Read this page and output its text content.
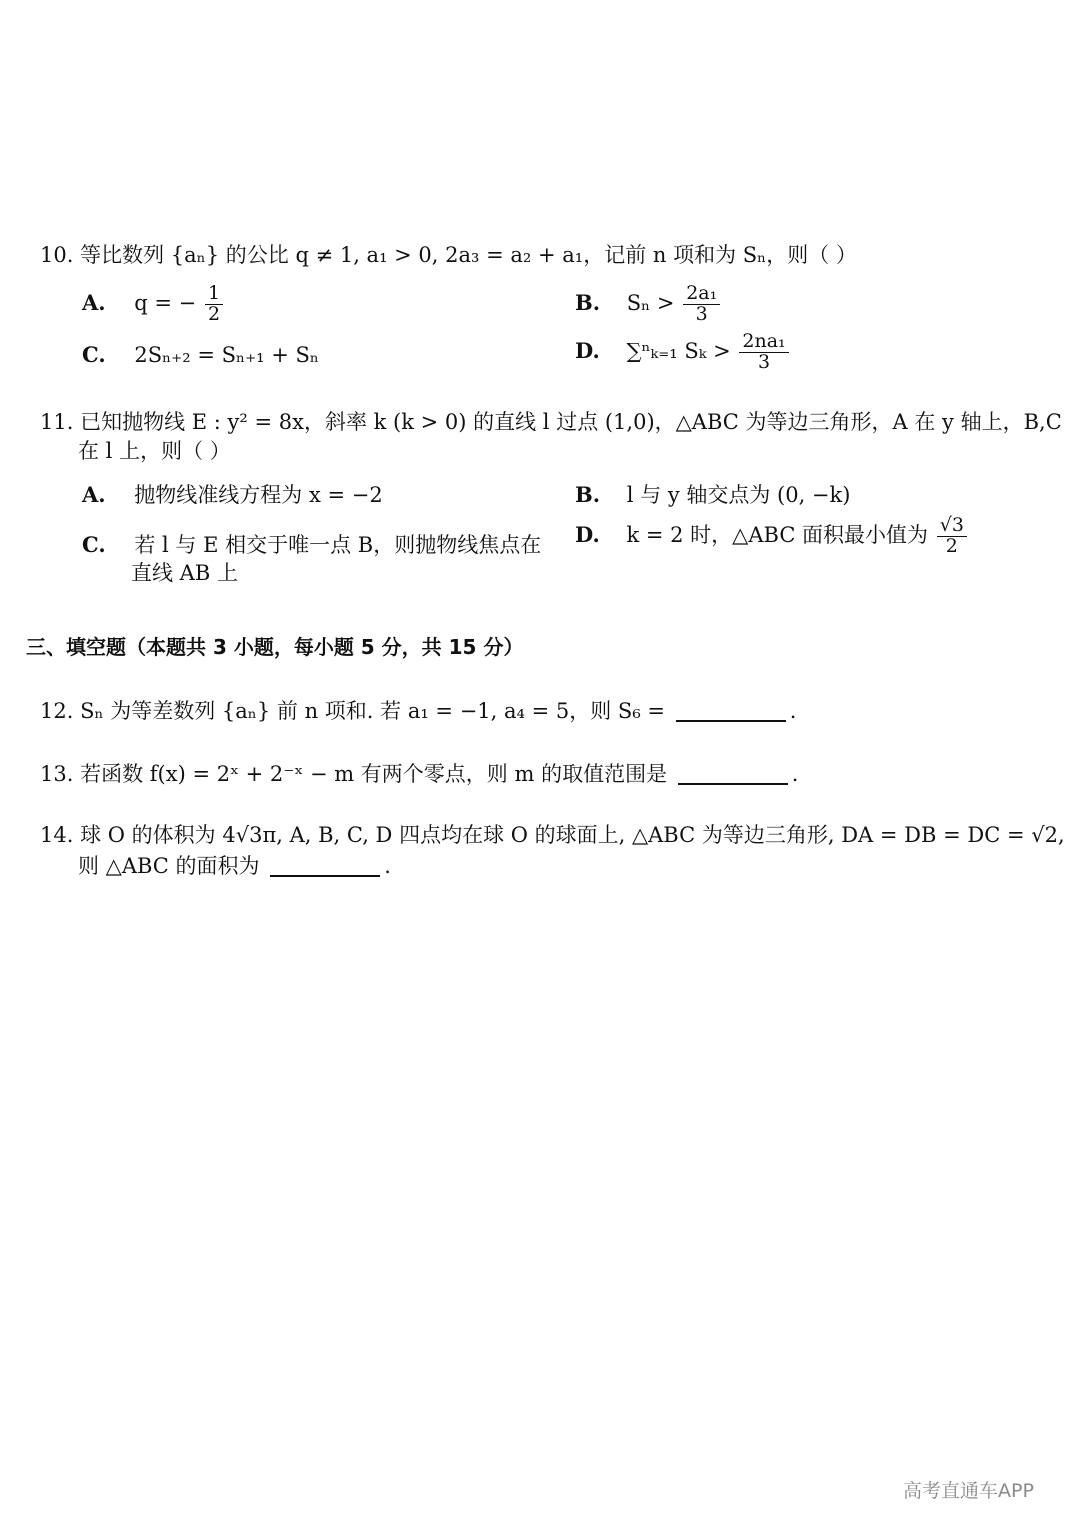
10. 等比数列 {aₙ} 的公比 q ≠ 1, a₁ > 0, 2a₃ = a₂ + a₁，记前 n 项和为 Sₙ，则（ ）
A. q = − $\frac{1}{2}$	B. $S_n > \frac{\text{2a₁}}{3}$
C. 2Sₙ₊₂ = Sₙ₊₁ + Sₙ	D. ∑ⁿₖ₌₁ $S_k > \frac{\text{2na₁}}{3}$
11. 已知抛物线 E : y² = 8x，斜率 k (k > 0) 的直线 l 过点 (1,0)，△ABC 为等边三角形，A 在 y 轴上，B,C
在 l 上，则（ ）
A. 抛物线准线方程为 x = −2	B. l 与 y 轴交点为 (0, −k)
C. 若 l 与 E 相交于唯一点 B，则抛物线焦点在
直线 AB 上
D. k = 2 时，△ABC 面积最小值为 $\frac{√3}{2}$
三、填空题（本题共 3 小题，每小题 5 分，共 15 分）
12. Sₙ 为等差数列 {aₙ} 前 n 项和. 若 a₁ = −1, a₄ = 5，则 S₆ =	.
13. 若函数 f(x) = 2ˣ + 2⁻ˣ − m 有两个零点，则 m 的取值范围是	.
14. 球 O 的体积为 4√3π, A, B, C, D 四点均在球 O 的球面上, △ABC 为等边三角形, DA = DB = DC = √2,
则 △ABC 的面积为	.
高考直通车APP
